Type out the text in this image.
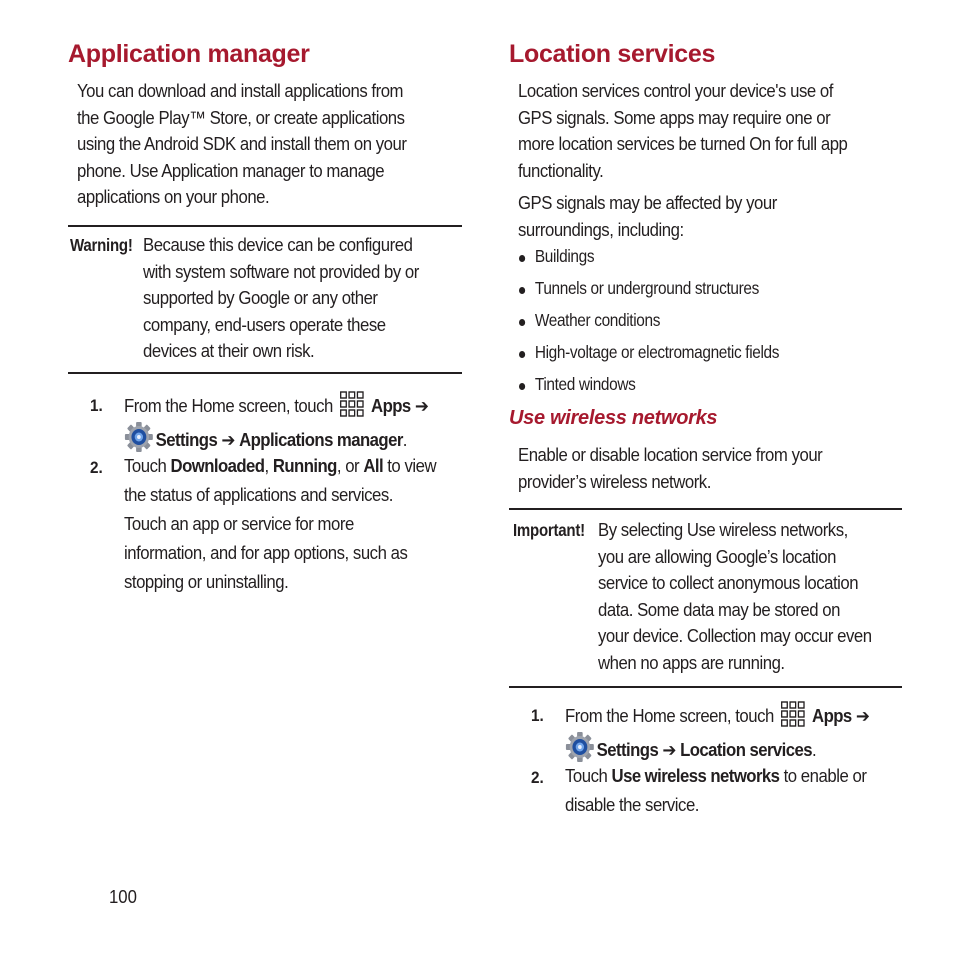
Application manager
You can download and install applications from
the Google Play™ Store, or create applications
using the Android SDK and install them on your
phone. Use Application manager to manage
applications on your phone.
Warning! Because this device can be configured
with system software not provided by or
supported by Google or any other
company, end-users operate these
devices at their own risk.
1. From the Home screen, touch Apps ➔
Settings ➔ Applications manager.
2. Touch Downloaded, Running, or All to view
the status of applications and services.
Touch an app or service for more
information, and for app options, such as
stopping or uninstalling.
Location services
Location services control your device's use of
GPS signals. Some apps may require one or
more location services be turned On for full app
functionality.
GPS signals may be affected by your
surroundings, including:
Buildings
Tunnels or underground structures
Weather conditions
High-voltage or electromagnetic fields
Tinted windows
Use wireless networks
Enable or disable location service from your
provider’s wireless network.
Important! By selecting Use wireless networks,
you are allowing Google’s location
service to collect anonymous location
data. Some data may be stored on
your device. Collection may occur even
when no apps are running.
1. From the Home screen, touch Apps ➔
Settings ➔ Location services.
2. Touch Use wireless networks to enable or
disable the service.
100
